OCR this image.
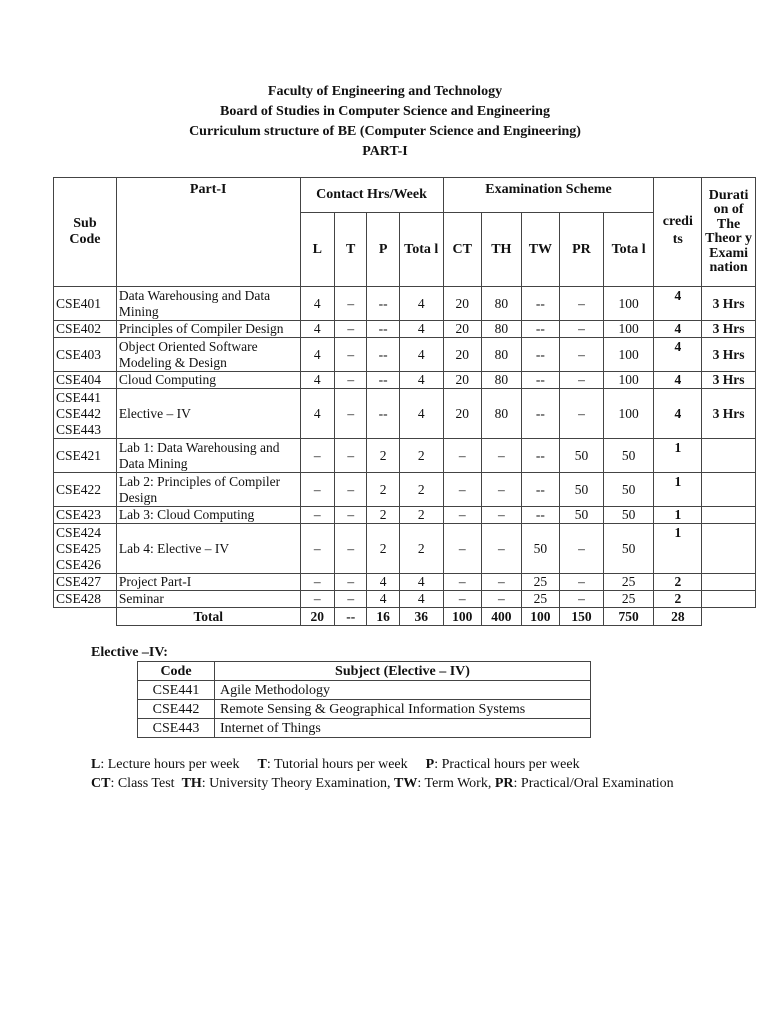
Faculty of Engineering and Technology
Board of Studies in Computer Science and Engineering
Curriculum structure of BE (Computer Science and Engineering)
PART-I
Sub Code	Part-I	Contact Hrs/Week				Examination Scheme						Durati on of The Theor y Exami nation
		L	T	P	Tota l	CT	TH	TW	PR	Tota l	credi ts	
CSE401	Data Warehousing and Data Mining	4	–	--	4	20	80	--	–	100	4	3 Hrs
CSE402	Principles of Compiler Design	4	–	--	4	20	80	--	–	100	4	3 Hrs
CSE403	Object Oriented Software Modeling & Design	4	–	--	4	20	80	--	–	100	4	3 Hrs
CSE404	Cloud Computing	4	–	--	4	20	80	--	–	100	4	3 Hrs
CSE441 CSE442 CSE443	Elective – IV	4	–	--	4	20	80	--	–	100	4	3 Hrs
CSE421	Lab 1: Data Warehousing and Data Mining	–	–	2	2	–	–	--	50	50	1	
CSE422	Lab 2: Principles of Compiler Design	–	–	2	2	–	–	--	50	50	1	
CSE423	Lab 3: Cloud Computing	–	–	2	2	–	–	--	50	50	1	
CSE424 CSE425 CSE426	Lab 4: Elective – IV	–	–	2	2	–	–	50	–	50	1	
CSE427	Project Part-I	–	–	4	4	–	–	25	–	25	2	
CSE428	Seminar	–	–	4	4	–	–	25	–	25	2	
	Total	20	--	16	36	100	400	100	150	750	28	
Elective –IV:
Code	Subject (Elective – IV)
CSE441	Agile Methodology
CSE442	Remote Sensing & Geographical Information Systems
CSE443	Internet of Things
L: Lecture hours per week T: Tutorial hours per week P: Practical hours per week
CT: Class Test TH: University Theory Examination, TW: Term Work, PR: Practical/Oral Examination
